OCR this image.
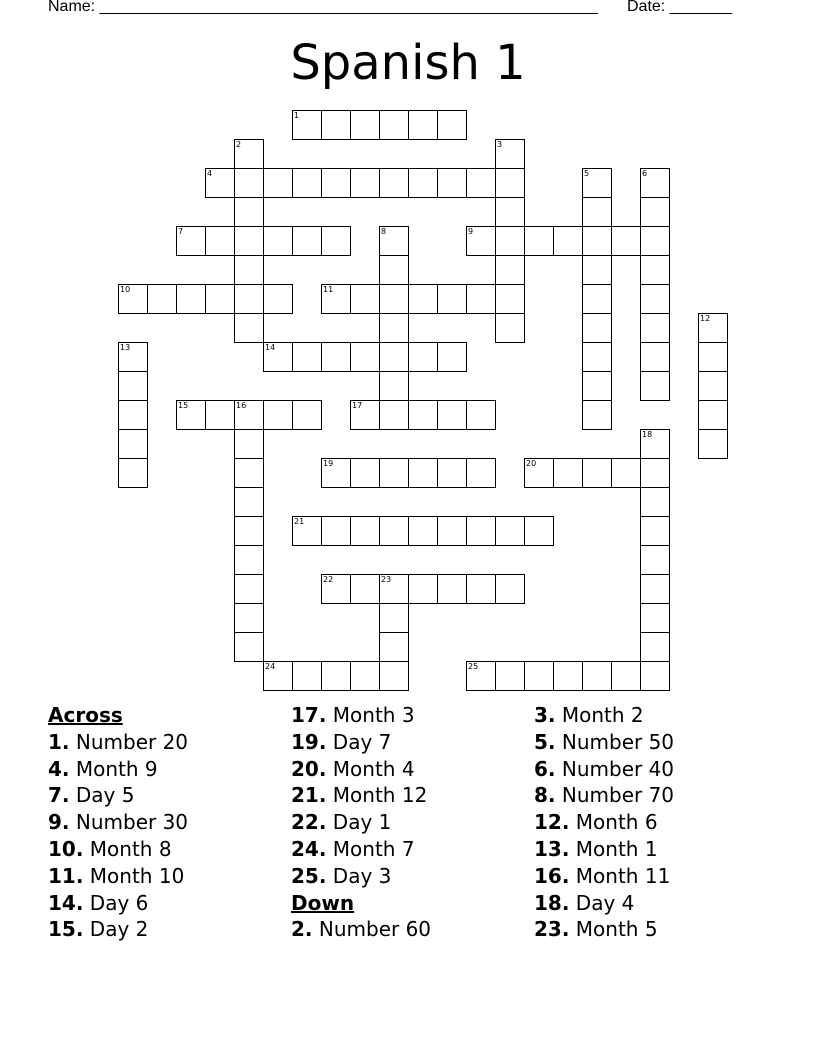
Name: ________________________________________________________

Date: _______

Spanish 1
1
2	3
4	5	6
7	8	9
10	11
12
13	14
15	16	17
18
19	20
21
22	23
24	25
Across
1. Number 20
4. Month 9
7. Day 5
9. Number 30
10. Month 8
11. Month 10
14. Day 6
15. Day 2
17. Month 3
19. Day 7
20. Month 4
21. Month 12
22. Day 1
24. Month 7
25. Day 3
Down
2. Number 60
3. Month 2
5. Number 50
6. Number 40
8. Number 70
12. Month 6
13. Month 1
16. Month 11
18. Day 4
23. Month 5
